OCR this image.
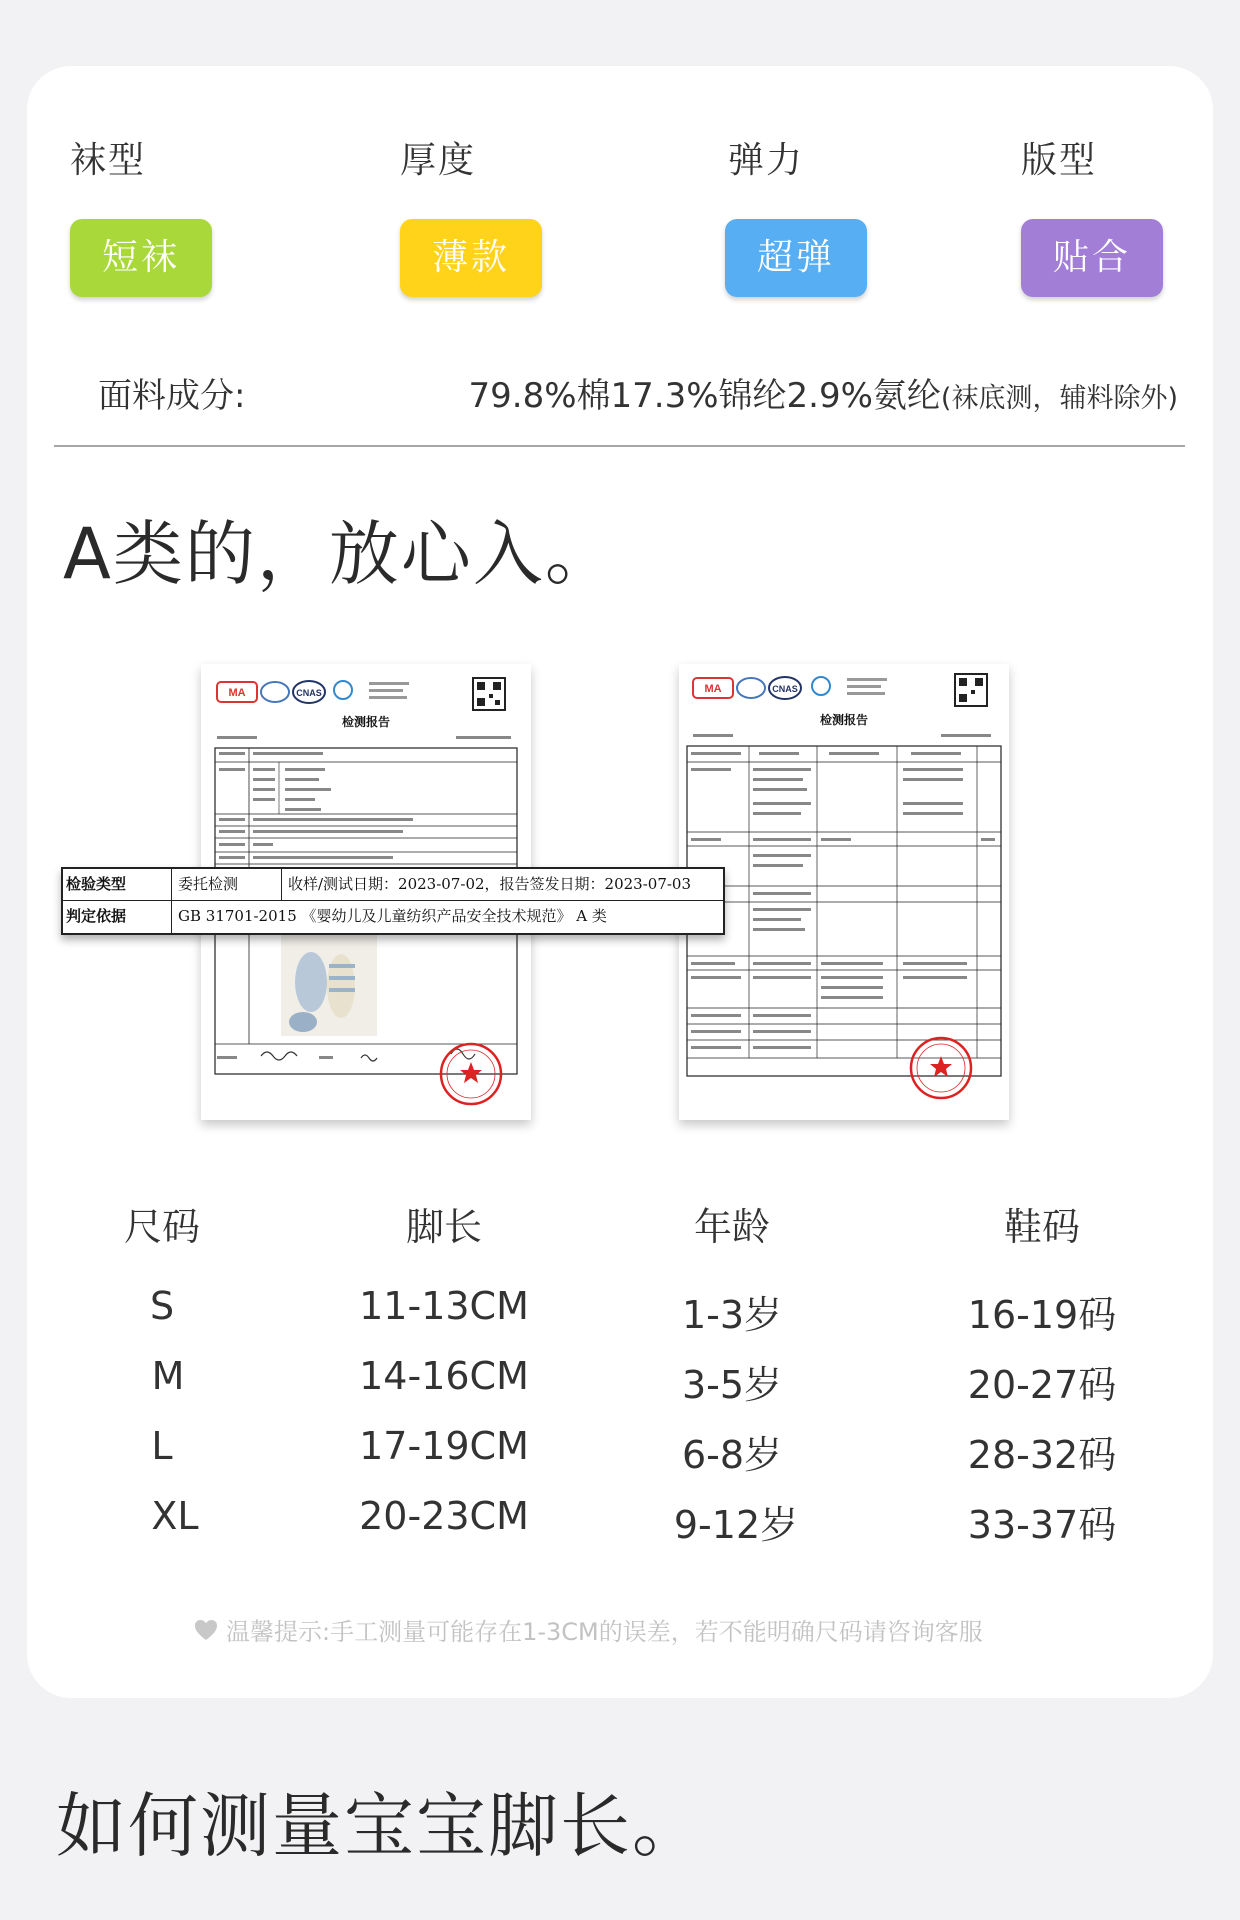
袜型
短袜
厚度
薄款
弹力
超弹
版型
贴合
面料成分:	79.8%棉17.3%锦纶2.9%氨纶(袜底测，辅料除外)
A类的，放心入。
MA	CNAS
检测报告
MA	CNAS
检测报告
检验类型	委托检测	收样/测试日期：2023-07-02，报告签发日期：2023-07-03
判定依据	GB 31701-2015 《婴幼儿及儿童纺织产品安全技术规范》 A 类
尺码	脚长	年龄	鞋码
S	11-13CM	1-3岁	16-19码
M	14-16CM	3-5岁	20-27码
L	17-19CM	6-8岁	28-32码
XL	20-23CM	9-12岁	33-37码
温馨提示:手工测量可能存在1-3CM的误差，若不能明确尺码请咨询客服
如何测量宝宝脚长。
